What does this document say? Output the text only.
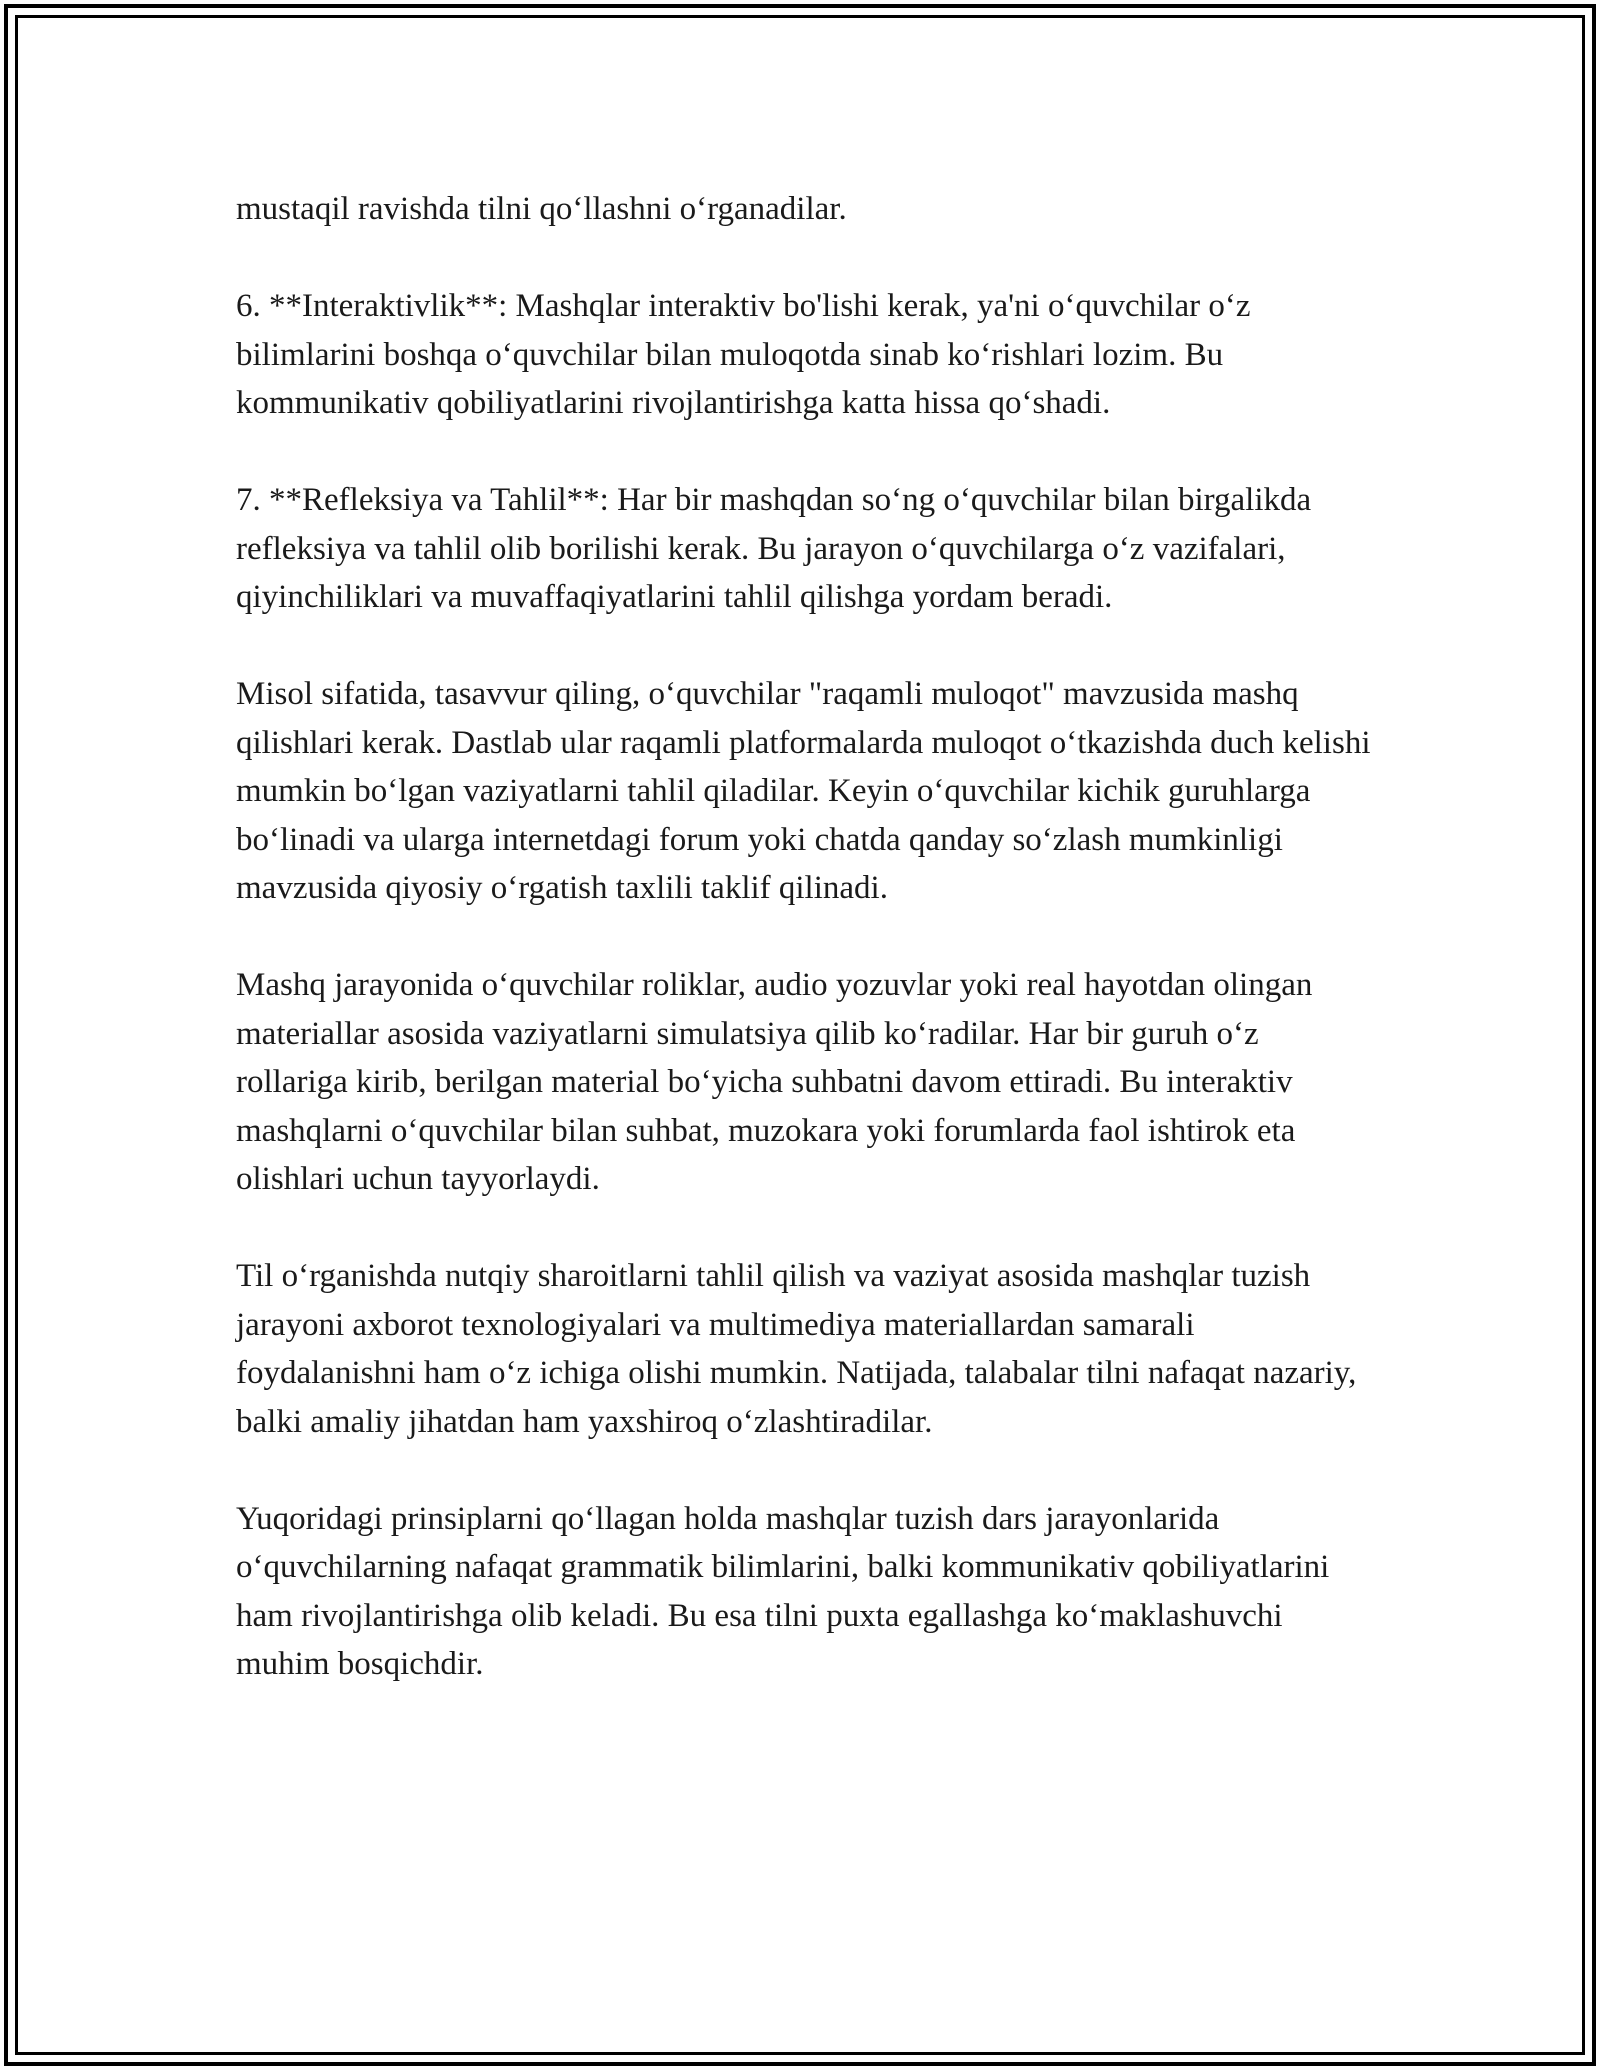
mustaqil ravishda tilni qo‘llashni o‘rganadilar.

6. **Interaktivlik**: Mashqlar interaktiv bo'lishi kerak, ya'ni o‘quvchilar o‘z bilimlarini boshqa o‘quvchilar bilan muloqotda sinab ko‘rishlari lozim. Bu kommunikativ qobiliyatlarini rivojlantirishga katta hissa qo‘shadi.

7. **Refleksiya va Tahlil**: Har bir mashqdan so‘ng o‘quvchilar bilan birgalikda refleksiya va tahlil olib borilishi kerak. Bu jarayon o‘quvchilarga o‘z vazifalari, qiyinchiliklari va muvaffaqiyatlarini tahlil qilishga yordam beradi.

Misol sifatida, tasavvur qiling, o‘quvchilar "raqamli muloqot" mavzusida mashq qilishlari kerak. Dastlab ular raqamli platformalarda muloqot o‘tkazishda duch kelishi mumkin bo‘lgan vaziyatlarni tahlil qiladilar. Keyin o‘quvchilar kichik guruhlarga bo‘linadi va ularga internetdagi forum yoki chatda qanday so‘zlash mumkinligi mavzusida qiyosiy o‘rgatish taxlili taklif qilinadi.

Mashq jarayonida o‘quvchilar roliklar, audio yozuvlar yoki real hayotdan olingan materiallar asosida vaziyatlarni simulatsiya qilib ko‘radilar. Har bir guruh o‘z rollariga kirib, berilgan material bo‘yicha suhbatni davom ettiradi. Bu interaktiv mashqlarni o‘quvchilar bilan suhbat, muzokara yoki forumlarda faol ishtirok eta olishlari uchun tayyorlaydi.

Til o‘rganishda nutqiy sharoitlarni tahlil qilish va vaziyat asosida mashqlar tuzish jarayoni axborot texnologiyalari va multimediya materiallardan samarali foydalanishni ham o‘z ichiga olishi mumkin. Natijada, talabalar tilni nafaqat nazariy, balki amaliy jihatdan ham yaxshiroq o‘zlashtiradilar.

Yuqoridagi prinsiplarni qo‘llagan holda mashqlar tuzish dars jarayonlarida o‘quvchilarning nafaqat grammatik bilimlarini, balki kommunikativ qobiliyatlarini ham rivojlantirishga olib keladi. Bu esa tilni puxta egallashga ko‘maklashuvchi muhim bosqichdir.
